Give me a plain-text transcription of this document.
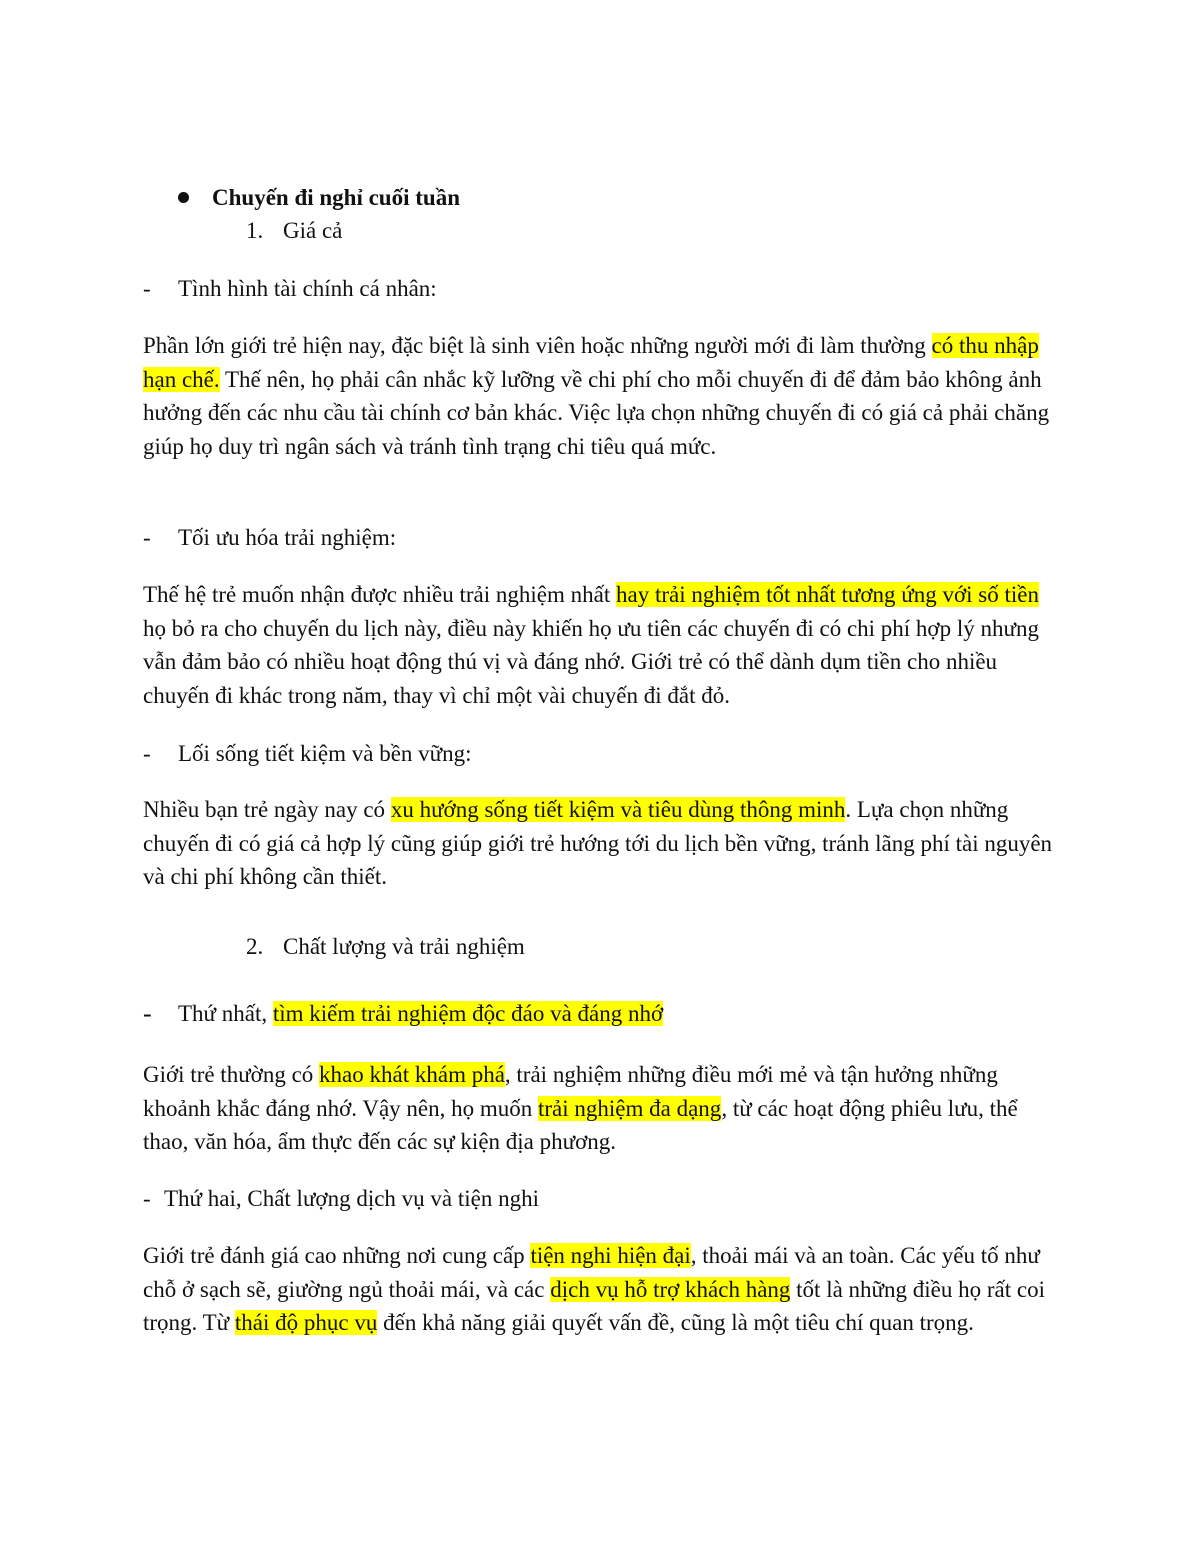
Chuyến đi nghỉ cuối tuần
1. Giá cả
- Tình hình tài chính cá nhân:
Phần lớn giới trẻ hiện nay, đặc biệt là sinh viên hoặc những người mới đi làm thường có thu nhập hạn chế. Thế nên, họ phải cân nhắc kỹ lưỡng về chi phí cho mỗi chuyến đi để đảm bảo không ảnh hưởng đến các nhu cầu tài chính cơ bản khác. Việc lựa chọn những chuyến đi có giá cả phải chăng giúp họ duy trì ngân sách và tránh tình trạng chi tiêu quá mức.
- Tối ưu hóa trải nghiệm:
Thế hệ trẻ muốn nhận được nhiều trải nghiệm nhất hay trải nghiệm tốt nhất tương ứng với số tiền họ bỏ ra cho chuyến du lịch này, điều này khiến họ ưu tiên các chuyến đi có chi phí hợp lý nhưng vẫn đảm bảo có nhiều hoạt động thú vị và đáng nhớ. Giới trẻ có thể dành dụm tiền cho nhiều chuyến đi khác trong năm, thay vì chỉ một vài chuyến đi đắt đỏ.
- Lối sống tiết kiệm và bền vững:
Nhiều bạn trẻ ngày nay có xu hướng sống tiết kiệm và tiêu dùng thông minh. Lựa chọn những chuyến đi có giá cả hợp lý cũng giúp giới trẻ hướng tới du lịch bền vững, tránh lãng phí tài nguyên và chi phí không cần thiết.
2. Chất lượng và trải nghiệm
- Thứ nhất, tìm kiếm trải nghiệm độc đáo và đáng nhớ
Giới trẻ thường có khao khát khám phá, trải nghiệm những điều mới mẻ và tận hưởng những khoảnh khắc đáng nhớ. Vậy nên, họ muốn trải nghiệm đa dạng, từ các hoạt động phiêu lưu, thể thao, văn hóa, ẩm thực đến các sự kiện địa phương.
- Thứ hai, Chất lượng dịch vụ và tiện nghi
Giới trẻ đánh giá cao những nơi cung cấp tiện nghi hiện đại, thoải mái và an toàn. Các yếu tố như chỗ ở sạch sẽ, giường ngủ thoải mái, và các dịch vụ hỗ trợ khách hàng tốt là những điều họ rất coi trọng. Từ thái độ phục vụ đến khả năng giải quyết vấn đề, cũng là một tiêu chí quan trọng.
